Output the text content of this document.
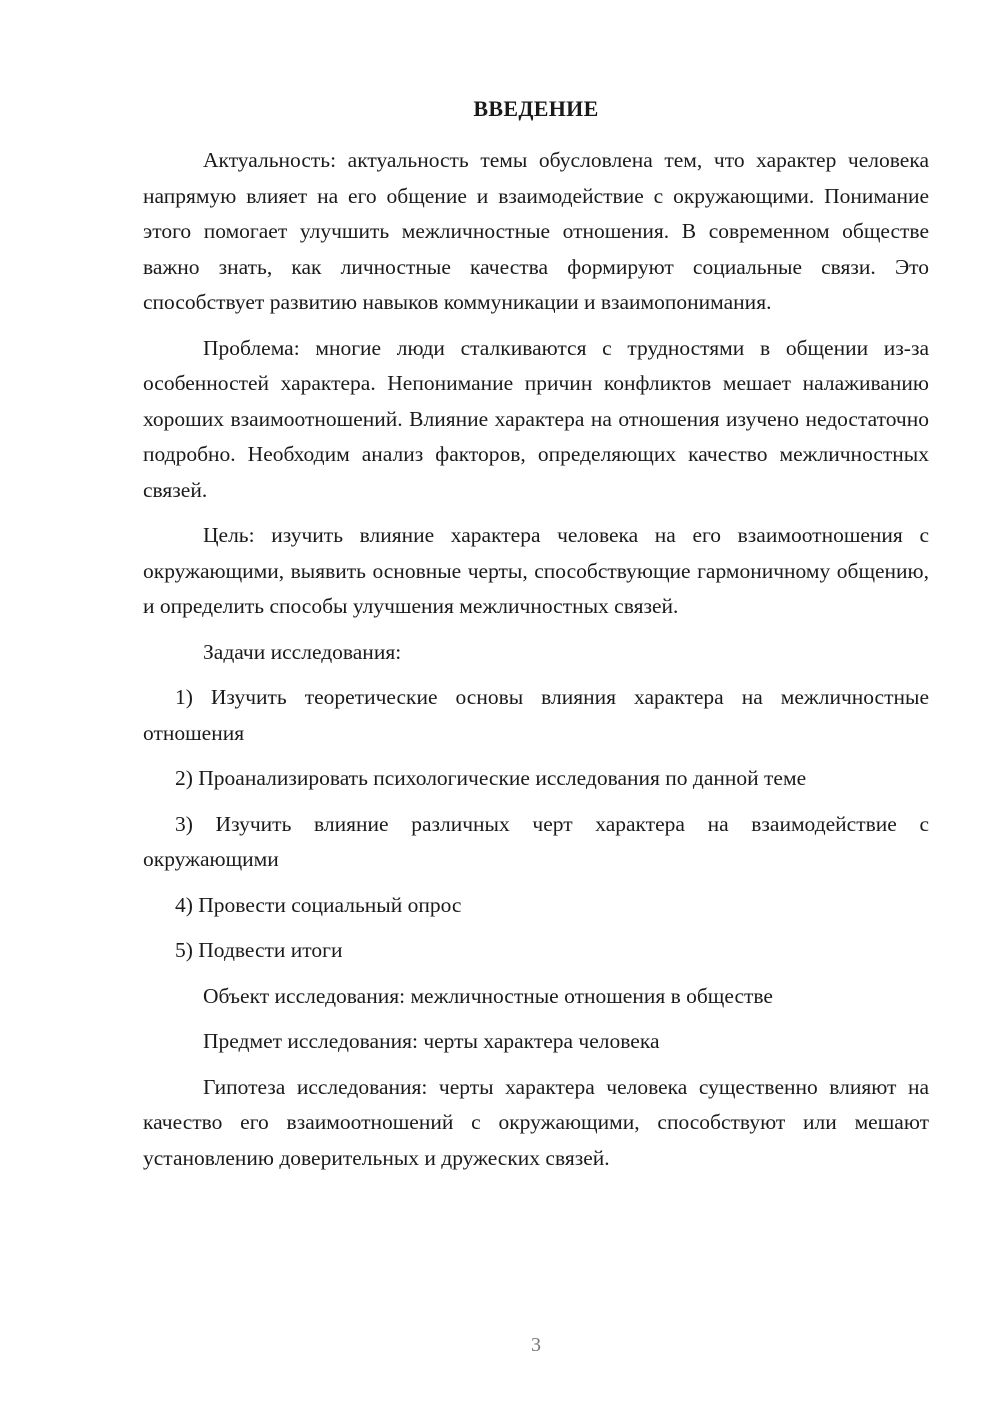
ВВЕДЕНИЕ

Актуальность: актуальность темы обусловлена тем, что характер человека напрямую влияет на его общение и взаимодействие с окружающими. Понимание этого помогает улучшить межличностные отношения. В современном обществе важно знать, как личностные качества формируют социальные связи. Это способствует развитию навыков коммуникации и взаимопонимания.

Проблема: многие люди сталкиваются с трудностями в общении из-за особенностей характера. Непонимание причин конфликтов мешает налаживанию хороших взаимоотношений. Влияние характера на отношения изучено недостаточно подробно. Необходим анализ факторов, определяющих качество межличностных связей.

Цель: изучить влияние характера человека на его взаимоотношения с окружающими, выявить основные черты, способствующие гармоничному общению, и определить способы улучшения межличностных связей.

Задачи исследования:

1) Изучить теоретические основы влияния характера на межличностные отношения

2) Проанализировать психологические исследования по данной теме

3) Изучить влияние различных черт характера на взаимодействие с окружающими

4) Провести социальный опрос

5) Подвести итоги

Объект исследования: межличностные отношения в обществе

Предмет исследования: черты характера человека

Гипотеза исследования: черты характера человека существенно влияют на качество его взаимоотношений с окружающими, способствуют или мешают установлению доверительных и дружеских связей.

3
